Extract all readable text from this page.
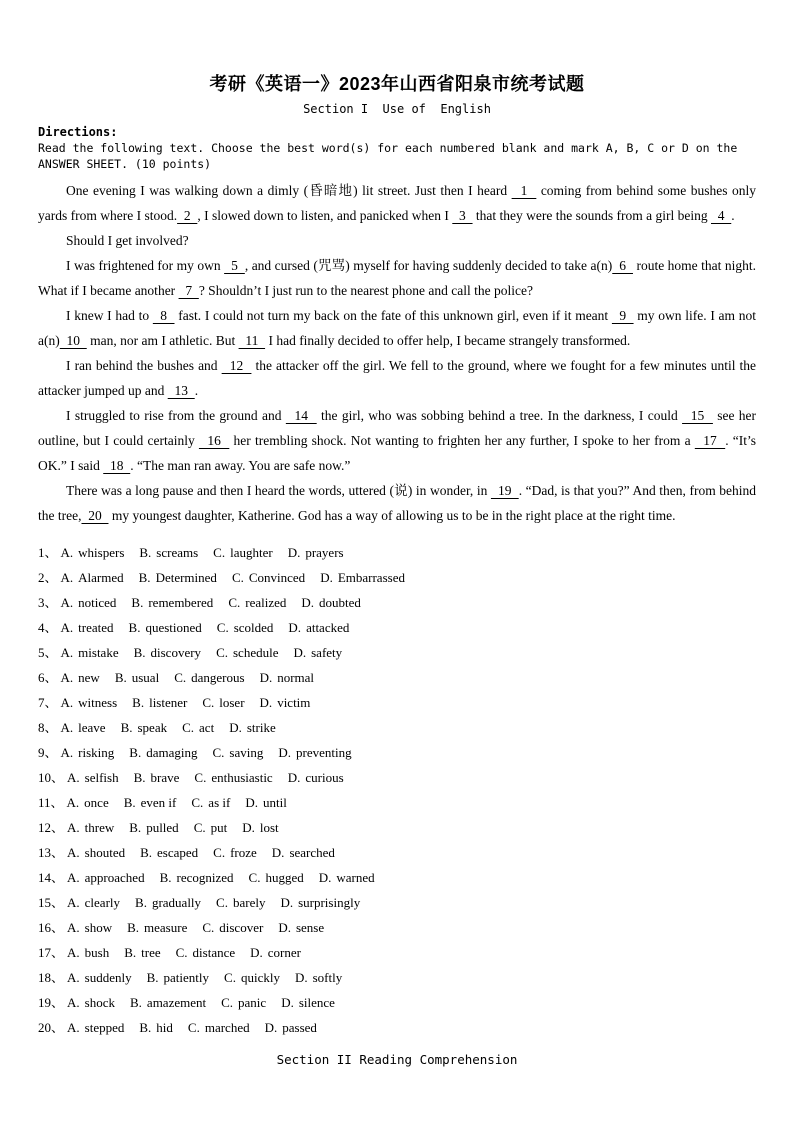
考研《英语一》2023年山西省阳泉市统考试题
Section I  Use of  English
Directions:
Read the following text. Choose the best word(s) for each numbered blank and mark A, B, C or D on the ANSWER SHEET. (10 points)

One evening I was walking down a dimly (昏暗地) lit street. Just then I heard   1   coming from behind some bushes only yards from where I stood.  2  , I slowed down to listen, and panicked when I   3   that they were the sounds from a girl being   4  .

Should I get involved?

I was frightened for my own   5  , and cursed (咒骂) myself for having suddenly decided to take a(n)  6   route home that night. What if I became another   7  ? Shouldn’t I just run to the nearest phone and call the police?

I knew I had to   8   fast. I could not turn my back on the fate of this unknown girl, even if it meant   9   my own life. I am not a(n)  10   man, nor am I athletic. But   11   I had finally decided to offer help, I became strangely transformed.

I ran behind the bushes and   12   the attacker off the girl. We fell to the ground, where we fought for a few minutes until the attacker jumped up and   13  .

I struggled to rise from the ground and   14   the girl, who was sobbing behind a tree. In the darkness, I could   15   see her outline, but I could certainly   16   her trembling shock. Not wanting to frighten her any further, I spoke to her from a   17  . “It’s OK.” I said   18  . “The man ran away. You are safe now.”

There was a long pause and then I heard the words, uttered (说) in wonder, in   19  . “Dad, is that you?” And then, from behind the tree,  20   my youngest daughter, Katherine. God has a way of allowing us to be in the right place at the right time.

1、 A. whispers B. screams C. laughter D. prayers
2、 A. Alarmed B. Determined C. Convinced D. Embarrassed
3、 A. noticed B. remembered C. realized D. doubted
4、 A. treated B. questioned C. scolded D. attacked
5、 A. mistake B. discovery C. schedule D. safety
6、 A. new B. usual C. dangerous D. normal
7、 A. witness B. listener C. loser D. victim
8、 A. leave B. speak C. act D. strike
9、 A. risking B. damaging C. saving D. preventing
10、 A. selfish B. brave C. enthusiastic D. curious
11、 A. once B. even if C. as if D. until
12、 A. threw B. pulled C. put D. lost
13、 A. shouted B. escaped C. froze D. searched
14、 A. approached B. recognized C. hugged D. warned
15、 A. clearly B. gradually C. barely D. surprisingly
16、 A. show B. measure C. discover D. sense
17、 A. bush B. tree C. distance D. corner
18、 A. suddenly B. patiently C. quickly D. softly
19、 A. shock B. amazement C. panic D. silence
20、 A. stepped B. hid C. marched D. passed
Section II Reading Comprehension
